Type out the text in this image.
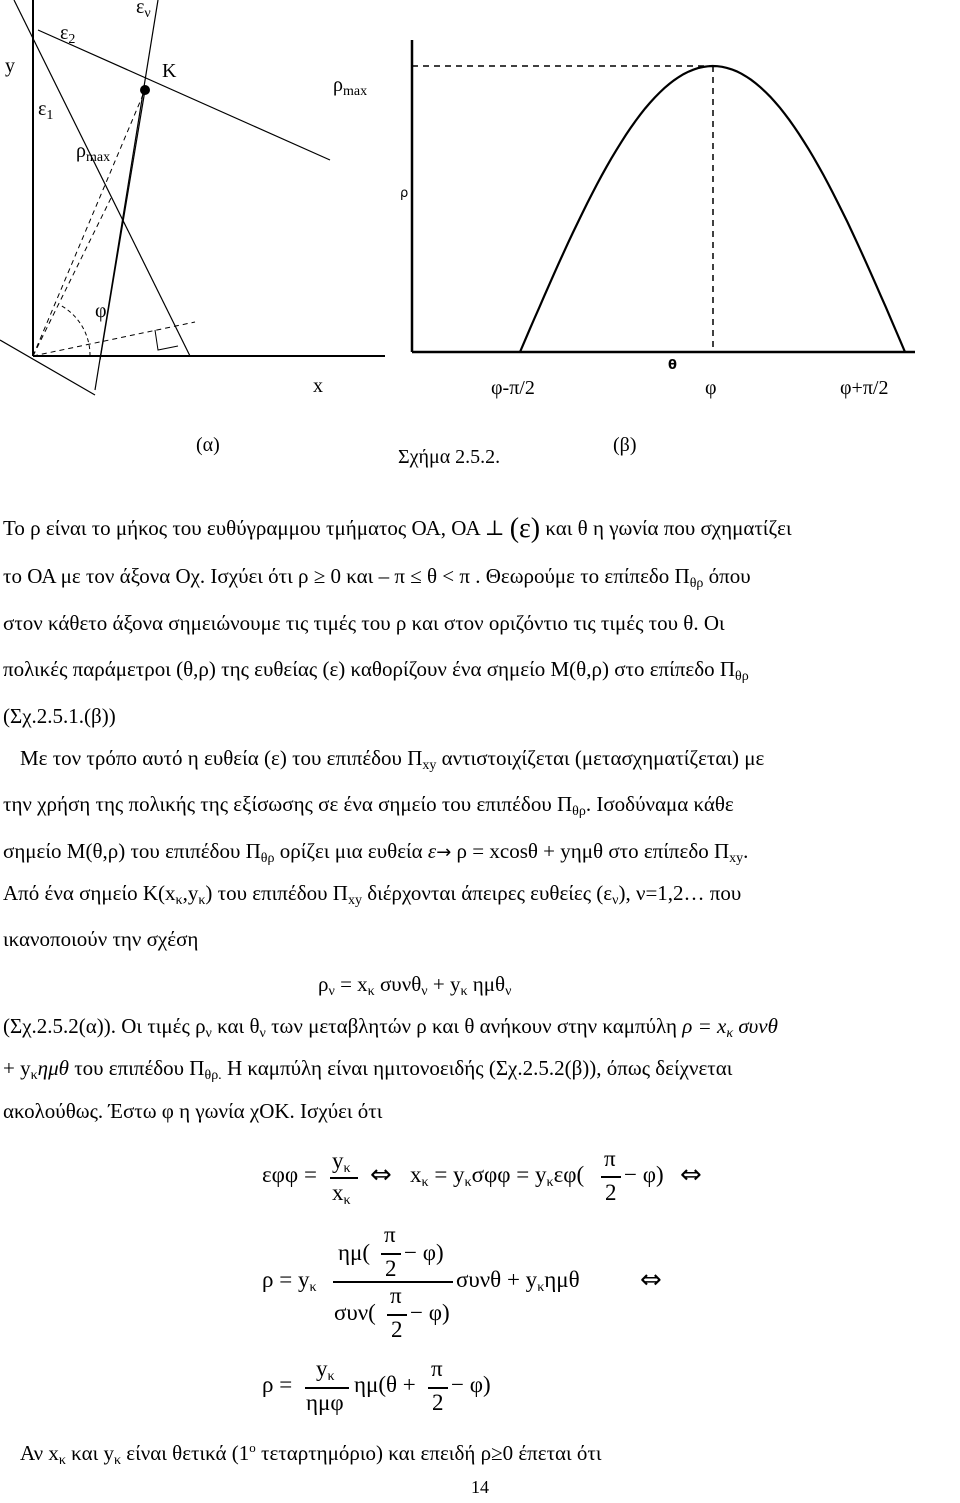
y
$\varepsilon_2$
$\varepsilon_\nu$
K
$\varepsilon_1$
$\rho_{max}$
φ
x
$\rho_{max}$
ρ
θ
φ-π/2	φ	φ+π/2
(α)	(β)
Σχήμα 2.5.2.
Το ρ είναι το μήκος του ευθύγραμμου τμήματος ΟΑ, ΟΑ ⊥ (ε) και θ η γωνία που σχηματίζει
το ΟΑ με τον άξονα Οχ. Ισχύει ότι ρ ≥ 0 και – π ≤ θ < π . Θεωρούμε το επίπεδο $\Pi_{\theta\rho}$ όπου
στον κάθετο άξονα σημειώνουμε τις τιμές του ρ και στον οριζόντιο τις τιμές του θ. Οι
πολικές παράμετροι (θ,ρ) της ευθείας (ε) καθορίζουν ένα σημείο Μ(θ,ρ) στο επίπεδο $\Pi_{\theta\rho}$
(Σχ.2.5.1.(β))
Με τον τρόπο αυτό η ευθεία (ε) του επιπέδου $\Pi_{xy}$ αντιστοιχίζεται (μετασχηματίζεται) με
την χρήση της πολικής της εξίσωσης σε ένα σημείο του επιπέδου $\Pi_{\theta\rho}$. Ισοδύναμα κάθε
σημείο Μ(θ,ρ) του επιπέδου $\Pi_{\theta\rho}$ ορίζει μια ευθεία ε→ ρ = xcosθ + yημθ στο επίπεδο $\Pi_{xy}$.
Από ένα σημείο $K(x_\kappa,y_\kappa)$ του επιπέδου $\Pi_{xy}$ διέρχονται άπειρες ευθείες $(\varepsilon_\nu)$, ν=1,2… που
ικανοποιούν την σχέση
$\rho_\nu = x_\kappa$ $\sigma\upsilon\nu\theta_\nu + y_\kappa$ ημθ$_\nu$
(Σχ.2.5.2(α)). Οι τιμές $\rho_\nu$ και $\theta_\nu$ των μεταβλητών ρ και θ ανήκουν στην καμπύλη $\rho = x_\kappa$ συνθ
+ $y_\kappa\eta\mu\theta$ του επιπέδου $\Pi_{\theta\rho.}$ Η καμπύλη είναι ημιτονοειδής (Σχ.2.5.2(β)), όπως δείχνεται
ακολούθως. Έστω φ η γωνία χΟΚ. Ισχύει ότι
εφφ =
$y_\kappa$
$x_\kappa$
⇔ $x_\kappa = y_\kappa\sigma\varphi\varphi = y_\kappa\varepsilon\varphi$(
π
2
− φ) ⇔
$\rho = y_\kappa$
ημ(
π
2
− φ)
συν(
π
2
− φ)
$\sigma\upsilon\nu\theta + y_\kappa\eta\mu\theta$ ⇔
ρ =
$y_\kappa$
ημφ
ημ(θ +
π
2
− φ)
Αν $x_\kappa$ και $y_\kappa$ είναι θετικά ($1^o$ τεταρτημόριο) και επειδή ρ≥0 έπεται ότι
14
